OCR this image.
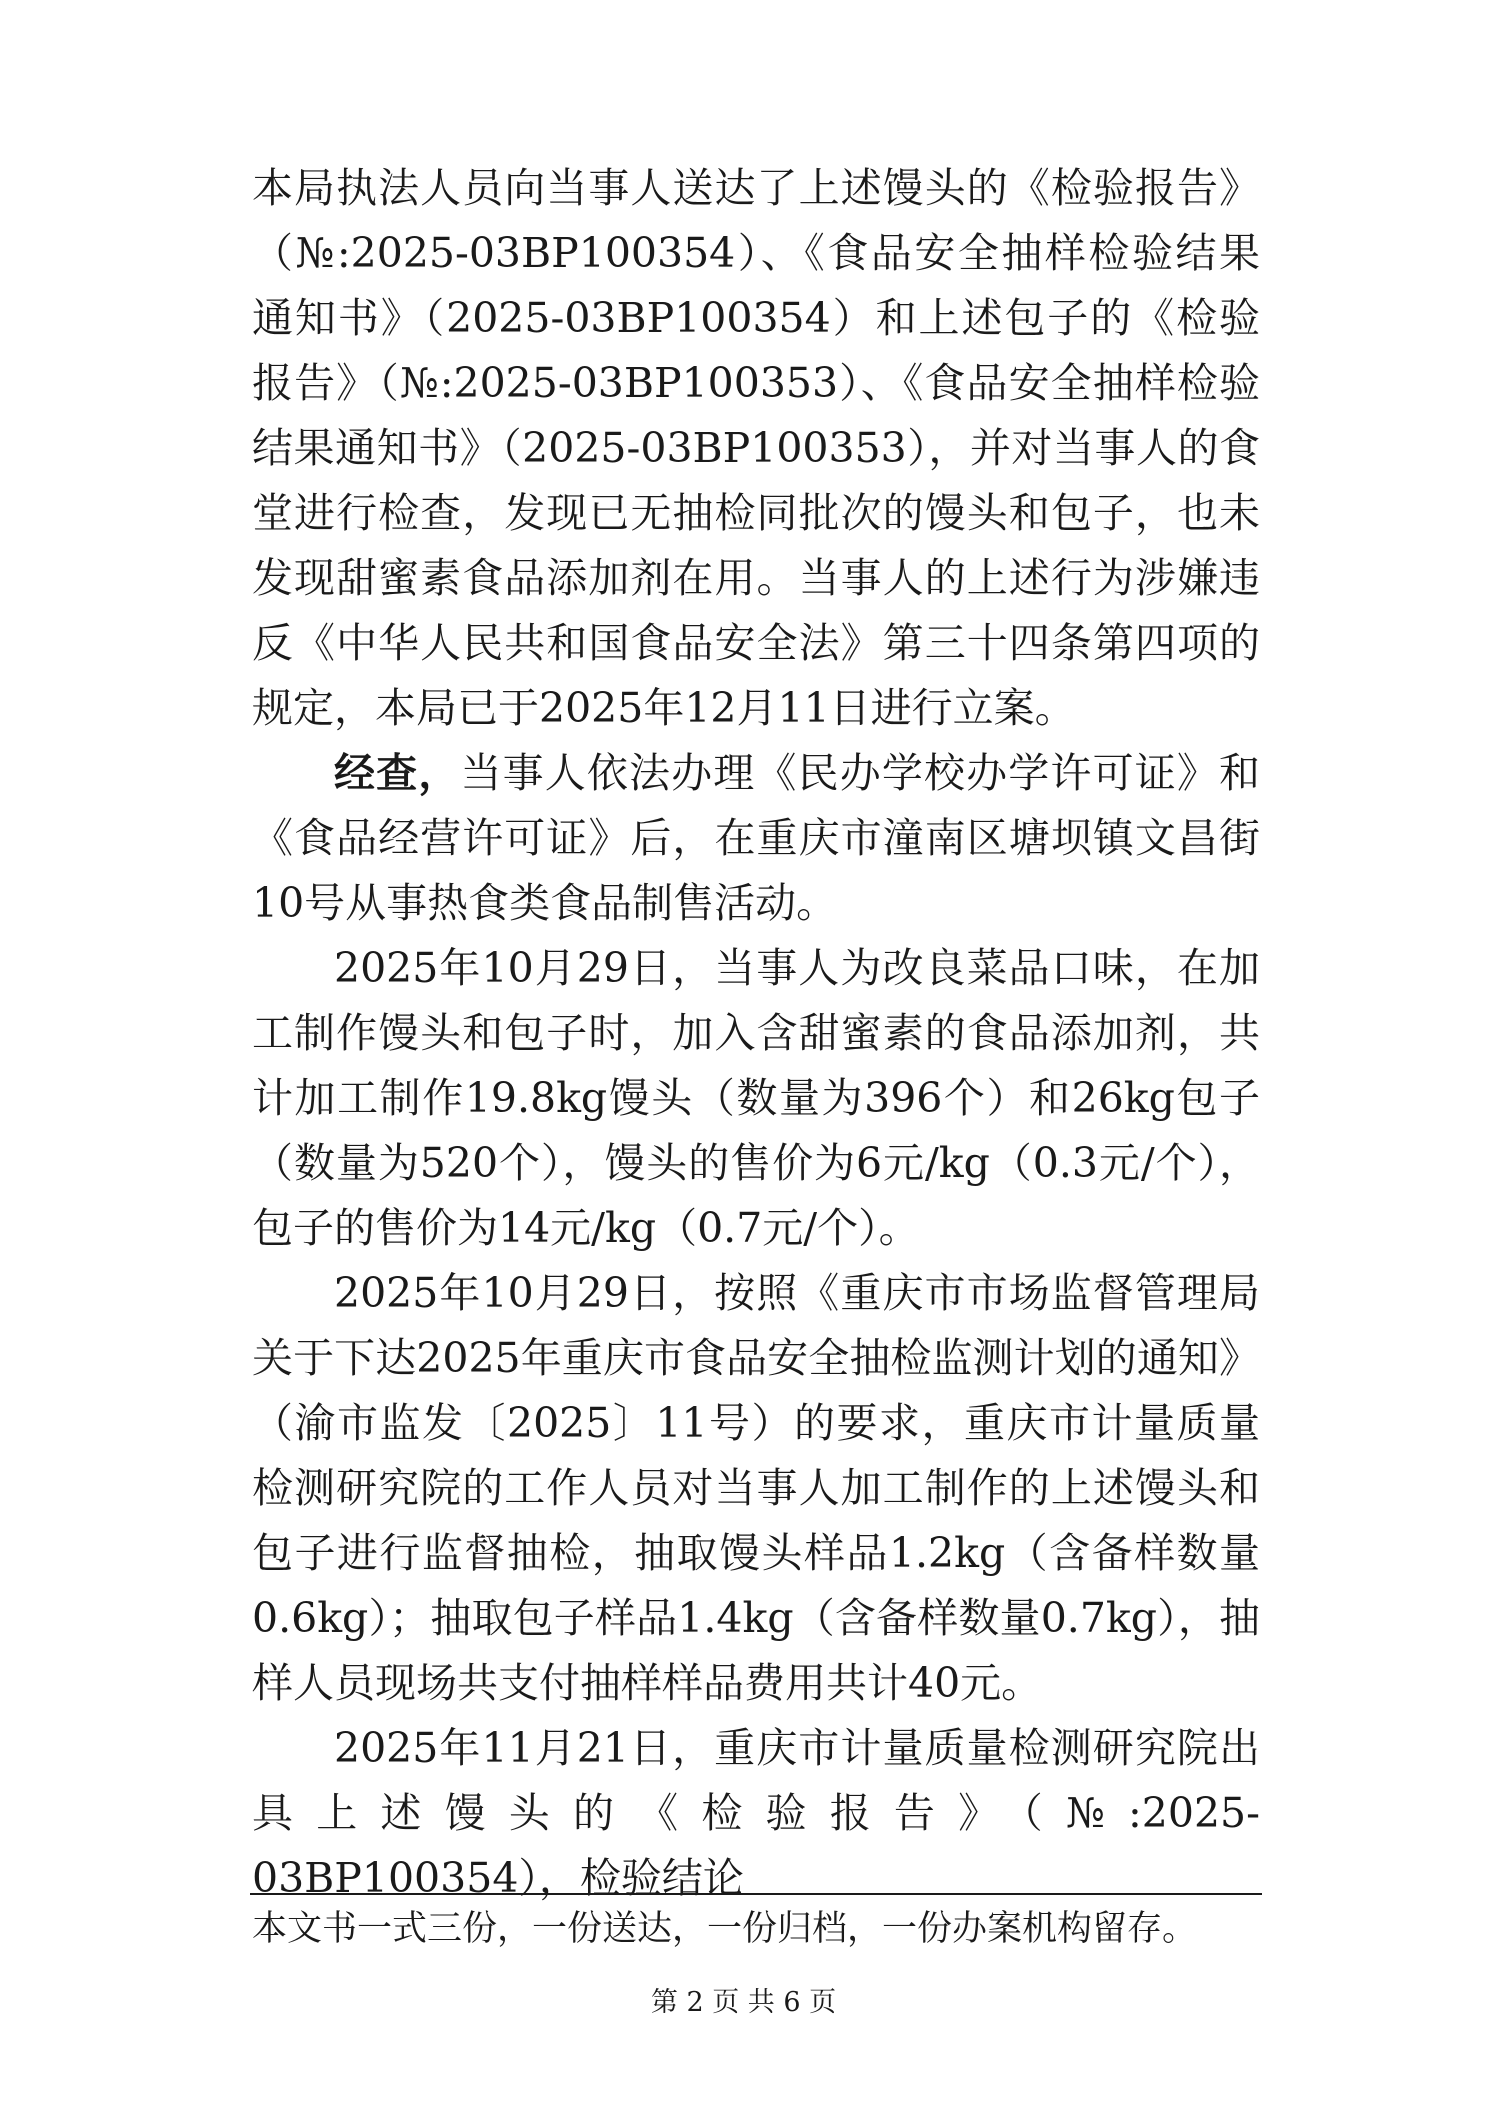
本局执法人员向当事人送达了上述馒头的《检验报告》（№:2025-03BP100354）、《食品安全抽样检验结果通知书》（2025-03BP100354）和上述包子的《检验报告》（№:2025-03BP100353）、《食品安全抽样检验结果通知书》（2025-03BP100353），并对当事人的食堂进行检查，发现已无抽检同批次的馒头和包子，也未发现甜蜜素食品添加剂在用。当事人的上述行为涉嫌违反《中华人民共和国食品安全法》第三十四条第四项的规定，本局已于2025年12月11日进行立案。

经查，当事人依法办理《民办学校办学许可证》和《食品经营许可证》后，在重庆市潼南区塘坝镇文昌街10号从事热食类食品制售活动。

2025年10月29日，当事人为改良菜品口味，在加工制作馒头和包子时，加入含甜蜜素的食品添加剂，共计加工制作19.8kg馒头（数量为396个）和26kg包子（数量为520个），馒头的售价为6元/kg（0.3元/个），包子的售价为14元/kg（0.7元/个）。

2025年10月29日，按照《重庆市市场监督管理局关于下达2025年重庆市食品安全抽检监测计划的通知》（渝市监发〔2025〕11号）的要求，重庆市计量质量检测研究院的工作人员对当事人加工制作的上述馒头和包子进行监督抽检，抽取馒头样品1.2kg（含备样数量0.6kg）；抽取包子样品1.4kg（含备样数量0.7kg），抽样人员现场共支付抽样样品费用共计40元。

2025年11月21日，重庆市计量质量检测研究院出具上述馒头的《检验报告》（№:2025-03BP100354），检验结论

本文书一式三份，一份送达，一份归档，一份办案机构留存。
第 2 页 共 6 页
